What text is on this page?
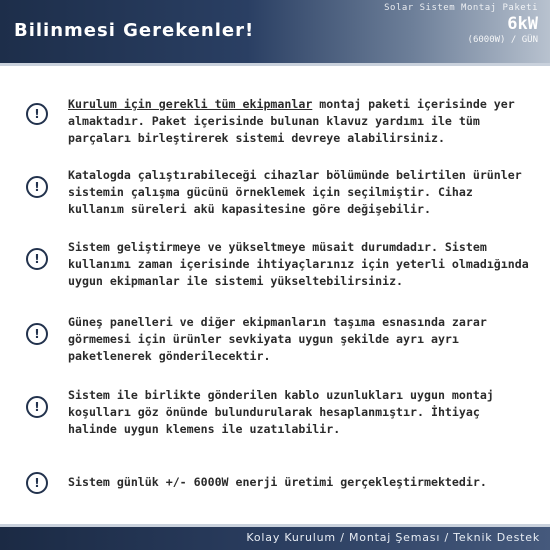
Bilinmesi Gerekenler!
Solar Sistem Montaj Paketi
6kW
(6000W) / GÜN
!
Kurulum için gerekli tüm ekipmanlar montaj paketi içerisinde yer almaktadır. Paket içerisinde bulunan klavuz yardımı ile tüm parçaları birleştirerek sistemi devreye alabilirsiniz.
!
Katalogda çalıştırabileceği cihazlar bölümünde belirtilen ürünler sistemin çalışma gücünü örneklemek için seçilmiştir. Cihaz kullanım süreleri akü kapasitesine göre değişebilir.
!
Sistem geliştirmeye ve yükseltmeye müsait durumdadır. Sistem kullanımı zaman içerisinde ihtiyaçlarınız için yeterli olmadığında uygun ekipmanlar ile sistemi yükseltebilirsiniz.
!
Güneş panelleri ve diğer ekipmanların taşıma esnasında zarar görmemesi için ürünler sevkiyata uygun şekilde ayrı ayrı paketlenerek gönderilecektir.
!
Sistem ile birlikte gönderilen kablo uzunlukları uygun montaj koşulları göz önünde bulundurularak hesaplanmıştır. İhtiyaç halinde uygun klemens ile uzatılabilir.
!	Sistem günlük +/- 6000W enerji üretimi gerçekleştirmektedir.
Kolay Kurulum / Montaj Şeması / Teknik Destek
